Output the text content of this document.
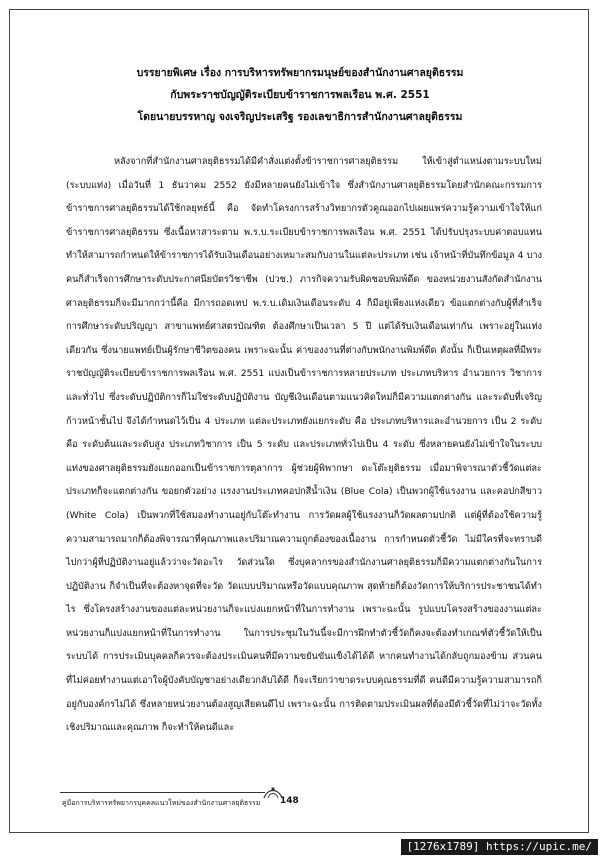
บรรยายพิเศษ เรื่อง การบริหารทรัพยากรมนุษย์ของสำนักงานศาลยุติธรรม
กับพระราชบัญญัติระเบียบข้าราชการพลเรือน พ.ศ. 2551
โดยนายบรรหาญ จงเจริญประเสริฐ รองเลขาธิการสำนักงานศาลยุติธรรม

หลังจากที่สำนักงานศาลยุติธรรมได้มีคำสั่งแต่งตั้งข้าราชการศาลยุติธรรม ให้เข้าสู่ตำแหน่งตามระบบใหม่ (ระบบแท่ง) เมื่อวันที่ 1 ธันวาคม 2552 ยังมีหลายคนยังไม่เข้าใจ ซึ่งสำนักงานศาลยุติธรรมโดยสำนักคณะกรรมการข้าราชการศาลยุติธรรมได้ใช้กลยุทธ์นี้ คือ จัดทำโครงการสร้างวิทยากรตัวคูณออกไปเผยแพร่ความรู้ความเข้าใจให้แก่ข้าราชการศาลยุติธรรม ซึ่งเนื้อหาสาระตาม พ.ร.บ.ระเบียบข้าราชการพลเรือน พ.ศ. 2551 ได้ปรับปรุงระบบค่าตอบแทน ทำให้สามารถกำหนดให้ข้าราชการได้รับเงินเดือนอย่างเหมาะสมกับงานในแต่ละประเภท เช่น เจ้าหน้าที่บันทึกข้อมูล 4 บางคนก็สำเร็จการศึกษาระดับประกาศนียบัตรวิชาชีพ (ปวช.) ภารกิจความรับผิดชอบพิมพ์ดีด ของหน่วยงานสังกัดสำนักงานศาลยุติธรรมก็จะมีมากกว่านี้คือ มีการถอดเทป พ.ร.บ.เดิมเงินเดือนระดับ 4 ก็มีอยู่เพียงแห่งเดียว ข้อแตกต่างกับผู้ที่สำเร็จการศึกษาระดับปริญญา สาขาแพทย์ศาสตรบัณฑิต ต้องศึกษาเป็นเวลา 5 ปี แต่ได้รับเงินเดือนเท่ากัน เพราะอยู่ในแท่งเดียวกัน ซึ่งนายแพทย์เป็นผู้รักษาชีวิตของคน เพราะฉะนั้น ค่าของงานที่ต่างกับพนักงานพิมพ์ดีด ดังนั้น ก็เป็นเหตุผลที่มีพระราชบัญญัติระเบียบข้าราชการพลเรือน พ.ศ. 2551 แบ่งเป็นข้าราชการหลายประเภท ประเภทบริหาร อำนวยการ วิชาการ และทั่วไป ซึ่งระดับปฏิบัติการก็ไม่ใช่ระดับปฏิบัติงาน บัญชีเงินเดือนตามแนวคิดใหม่ก็มีความแตกต่างกัน และระดับที่เจริญก้าวหน้าชั้นไป จึงได้กำหนดไว้เป็น 4 ประเภท แต่ละประเภทยังแยกระดับ คือ ประเภทบริหารและอำนวยการ เป็น 2 ระดับ คือ ระดับต้นและระดับสูง ประเภทวิชาการ เป็น 5 ระดับ และประเภททั่วไปเป็น 4 ระดับ ซึ่งหลายคนยังไม่เข้าใจในระบบแท่งของศาลยุติธรรมยังแยกออกเป็นข้าราชการตุลาการ ผู้ช่วยผู้พิพากษา ดะโต๊ะยุติธรรม เมื่อมาพิจารณาตัวชี้วัดแต่ละประเภทก็จะแตกต่างกัน ขอยกตัวอย่าง แรงงานประเภทคอปกสีน้ำเงิน (Blue Cola) เป็นพวกผู้ใช้แรงงาน และคอปกสีขาว (White Cola) เป็นพวกที่ใช้สมองทำงานอยู่กับโต๊ะทำงาน การวัดผลผู้ใช้แรงงานก็วัดผลตามปกติ แต่ผู้ที่ต้องใช้ความรู้ความสามารถมากก็ต้องพิจารณาที่คุณภาพและปริมาณความถูกต้องของเนื้องาน การกำหนดตัวชี้วัด ไม่มีใครที่จะทราบดีไปกว่าผู้ที่ปฏิบัติงานอยู่แล้วว่าจะวัดอะไร วัดส่วนใด ซึ่งบุคลากรของสำนักงานศาลยุติธรรมก็มีความแตกต่างกันในการปฏิบัติงาน ก็จำเป็นที่จะต้องหาจุดที่จะวัด วัดแบบปริมาณหรือวัดแบบคุณภาพ สุดท้ายก็ต้องวัดการให้บริการประชาชนได้ทำไร ซึ่งโครงสร้างงานของแต่ละหน่วยงานก็จะแบ่งแยกหน้าที่ในการทำงาน เพราะฉะนั้น รูปแบบโครงสร้างของงานแต่ละหน่วยงานก็แบ่งแยกหน้าที่ในการทำงาน ในการประชุมในวันนี้จะมีการฝึกทำตัวชี้วัดก็คงจะต้องทำเกณฑ์ตัวชี้วัดให้เป็นระบบได้ การประเมินบุคคลก็ควรจะต้องประเมินคนที่มีความขยันขันแข็งได้ได้ดี หากคนทำงานได้กลับถูกมองข้าม ส่วนคนที่ไม่ค่อยทำงานแต่เอาใจผู้บังคับบัญชาอย่างเดียวกลับได้ดี ก็จะเรียกว่าขาดระบบคุณธรรมที่ดี คนดีมีความรู้ความสามารถก็อยู่กับองค์กรไม่ได้ ซึ่งหลายหน่วยงานต้องสูญเสียคนดีไป เพราะฉะนั้น การติดตามประเมินผลที่ต้องมีตัวชี้วัดที่ไม่ว่าจะวัดทั้งเชิงปริมาณและคุณภาพ ก็จะทำให้คนดีและ

คู่มือการบริหารทรัพยากรบุคคลแนวใหม่ของสำนักงานศาลยุติธรรม 148
[1276x1789] https://upic.me/
